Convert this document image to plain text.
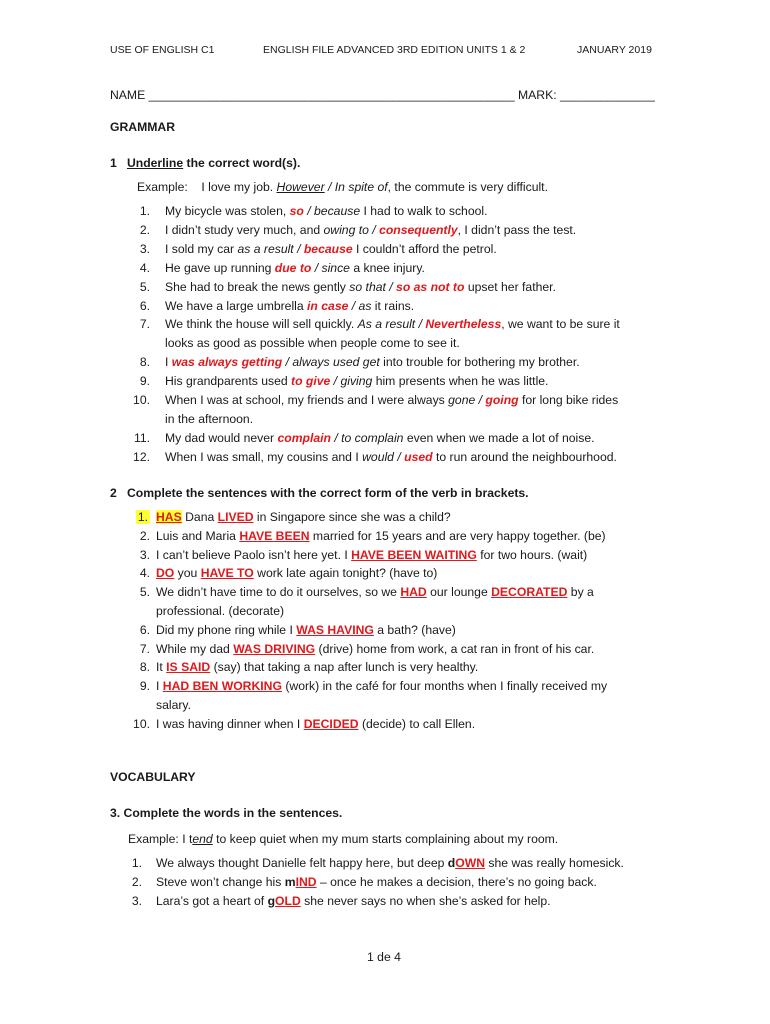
USE OF ENGLISH C1	ENGLISH FILE ADVANCED 3RD EDITION UNITS 1 & 2	JANUARY 2019
NAME ______________________________________________________ MARK: ______________
GRAMMAR
1 Underline the correct word(s).
Example: I love my job. However / In spite of, the commute is very difficult.
1. My bicycle was stolen, so / because I had to walk to school.
2. I didn’t study very much, and owing to / consequently, I didn’t pass the test.
3. I sold my car as a result / because I couldn’t afford the petrol.
4. He gave up running due to / since a knee injury.
5. She had to break the news gently so that / so as not to upset her father.
6. We have a large umbrella in case / as it rains.
7. We think the house will sell quickly. As a result / Nevertheless, we want to be sure it
looks as good as possible when people come to see it.
8. I was always getting / always used get into trouble for bothering my brother.
9. His grandparents used to give / giving him presents when he was little.
10. When I was at school, my friends and I were always gone / going for long bike rides
in the afternoon.
11. My dad would never complain / to complain even when we made a lot of noise.
12. When I was small, my cousins and I would / used to run around the neighbourhood.
2 Complete the sentences with the correct form of the verb in brackets.
1. HAS Dana LIVED in Singapore since she was a child?
2. Luis and Maria HAVE BEEN married for 15 years and are very happy together. (be)
3. I can’t believe Paolo isn’t here yet. I HAVE BEEN WAITING for two hours. (wait)
4. DO you HAVE TO work late again tonight? (have to)
5. We didn’t have time to do it ourselves, so we HAD our lounge DECORATED by a
professional. (decorate)
6. Did my phone ring while I WAS HAVING a bath? (have)
7. While my dad WAS DRIVING (drive) home from work, a cat ran in front of his car.
8. It IS SAID (say) that taking a nap after lunch is very healthy.
9. I HAD BEN WORKING (work) in the café for four months when I finally received my
salary.
10. I was having dinner when I DECIDED (decide) to call Ellen.
VOCABULARY
3. Complete the words in the sentences.
Example: I tend to keep quiet when my mum starts complaining about my room.
1. We always thought Danielle felt happy here, but deep dOWN she was really homesick.
2. Steve won’t change his mIND – once he makes a decision, there’s no going back.
3. Lara’s got a heart of gOLD she never says no when she’s asked for help.
1 de 4
